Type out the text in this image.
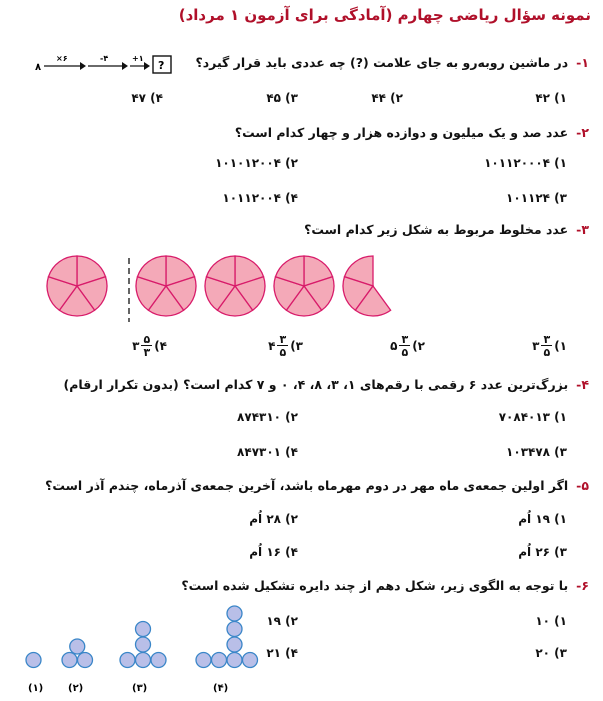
نمونه سؤال ریاضی چهارم (آمادگی برای آزمون ۱ مرداد)
۱-در ماشین روبه‌رو به جای علامت (?) چه عددی باید قرار گیرد؟
۸
×۶	-۴	+۱
?
۱) ۴۲
۲) ۴۴
۳) ۴۵
۴) ۴۷
۲-عدد صد و یک میلیون و دوازده هزار و چهار کدام است؟
۱) ۱۰۱۱۲۰۰۰۴
۲) ۱۰۱۰۱۲۰۰۴
۳) ۱۰۱۱۲۴
۴) ۱۰۱۱۲۰۰۴
۳-عدد مخلوط مربوط به شکل زیر کدام است؟
۱)
۳
۵
۳
۲)
۳
۵
۵
۳)
۳
۵
۴
۴)
۵
۳
۳
۴-بزرگ‌ترین عدد ۶ رقمی با رقم‌های ۱، ۳، ۸، ۴، ۰ و ۷ کدام است؟ (بدون تکرار ارقام)
۱) ۷۰۸۴۰۱۳
۲) ۸۷۴۳۱۰
۳) ۱۰۳۴۷۸
۴) ۸۴۷۳۰۱
۵-اگر اولین جمعه‌ی ماه مهر در دوم مهرماه باشد، آخرین جمعه‌ی آذرماه، چندم آذر است؟
۱) ۱۹ اُم
۲) ۲۸ اُم
۳) ۲۶ اُم
۴) ۱۶ اُم
۶-با توجه به الگوی زیر، شکل دهم از چند دایره تشکیل شده است؟
۱) ۱۰
۲) ۱۹
۳) ۲۰
۴) ۲۱
(۱) (۲)	(۳)	(۴)
